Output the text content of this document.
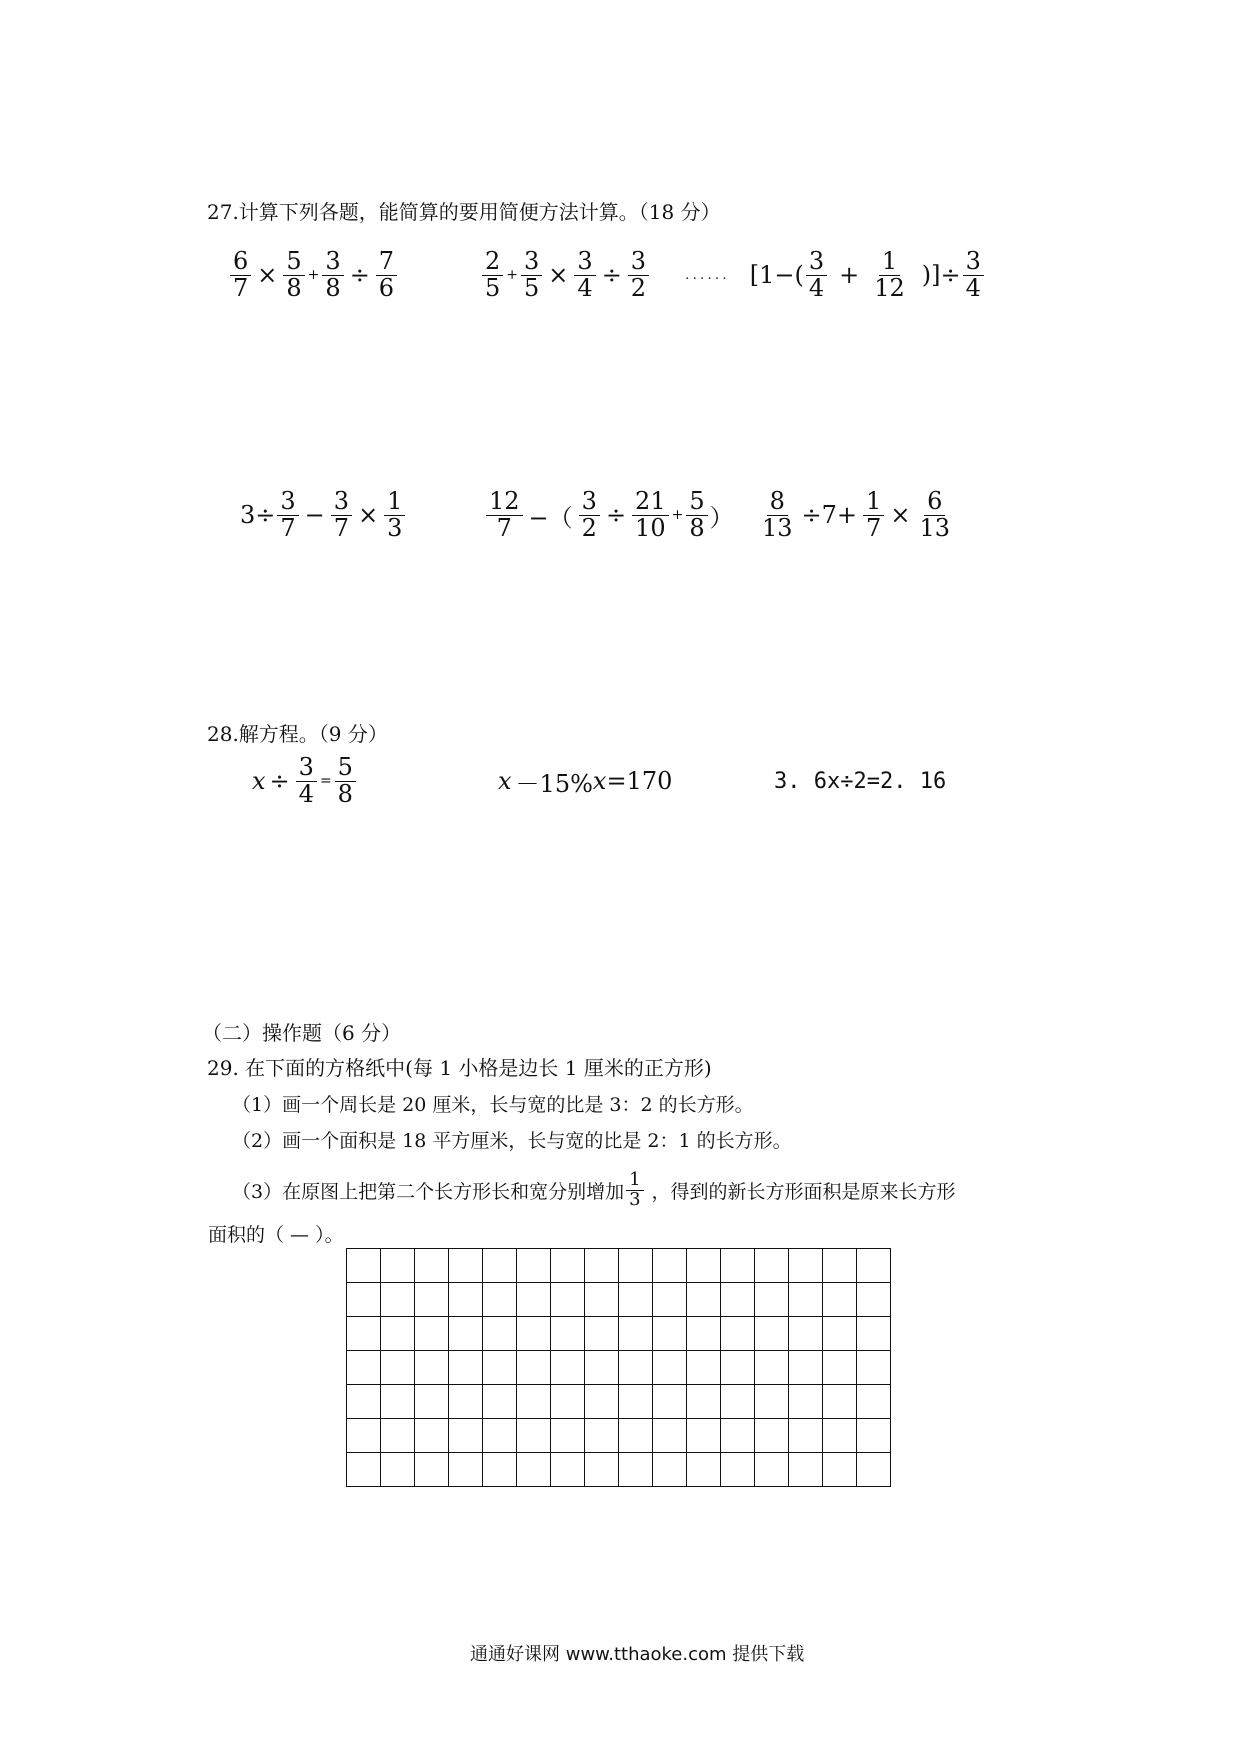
27.计算下列各题，能简算的要用简便方法计算。（18 分）
$\frac{6}{7} \times \frac{5}{8} + \frac{3}{8} \div \frac{7}{6}$	$\frac{2}{5} + \frac{3}{5} \times \frac{3}{4} \div \frac{3}{2}$	...... [$1-( \frac{3}{4} + \frac{1}{12}$ )]÷ $\frac{3}{4}$
$3\div \frac{3}{7} - \frac{3}{7} \times \frac{1}{3}$	$\frac{12}{7}$ −（ $\frac{3}{2} \div \frac{21}{10} + \frac{5}{8}$ ） $\frac{8}{13} \div 7+ \frac{1}{7} \times \frac{6}{13}$
28.解方程。（9 分）
$x \div \frac{3}{4} = \frac{5}{8}$	x －15% x =170	3. 6x÷2=2. 16
（二）操作题（6 分）
29. 在下面的方格纸中(每 1 小格是边长 1 厘米的正方形)
（1）画一个周长是 20 厘米，长与宽的比是 3：2 的长方形。
（2）画一个面积是 18 平方厘米，长与宽的比是 2：1 的长方形。
（3）在原图上把第二个长方形长和宽分别增加 $\frac{1}{3}$ ，得到的新长方形面积是原来长方形
面积的（ — ）。

通通好课网 www.tthaoke.com 提供下载
